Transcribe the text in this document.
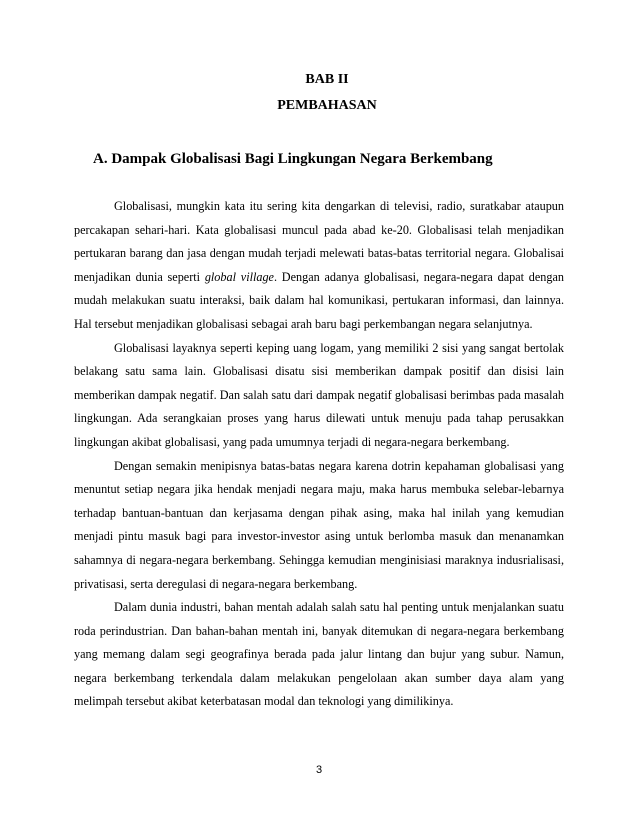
BAB II
PEMBAHASAN
A. Dampak Globalisasi Bagi Lingkungan Negara Berkembang

Globalisasi, mungkin kata itu sering kita dengarkan di televisi, radio, suratkabar ataupun percakapan sehari-hari. Kata globalisasi muncul pada abad ke-20. Globalisasi telah menjadikan pertukaran barang dan jasa dengan mudah terjadi melewati batas-batas territorial negara. Globalisai menjadikan dunia seperti global village. Dengan adanya globalisasi, negara-negara dapat dengan mudah melakukan suatu interaksi, baik dalam hal komunikasi, pertukaran informasi, dan lainnya. Hal tersebut menjadikan globalisasi sebagai arah baru bagi perkembangan negara selanjutnya.

Globalisasi layaknya seperti keping uang logam, yang memiliki 2 sisi yang sangat bertolak belakang satu sama lain. Globalisasi disatu sisi memberikan dampak positif dan disisi lain memberikan dampak negatif. Dan salah satu dari dampak negatif globalisasi berimbas pada masalah lingkungan. Ada serangkaian proses yang harus dilewati untuk menuju pada tahap perusakkan lingkungan akibat globalisasi, yang pada umumnya terjadi di negara-negara berkembang.

Dengan semakin menipisnya batas-batas negara karena dotrin kepahaman globalisasi yang menuntut setiap negara jika hendak menjadi negara maju, maka harus membuka selebar-lebarnya terhadap bantuan-bantuan dan kerjasama dengan pihak asing, maka hal inilah yang kemudian menjadi pintu masuk bagi para investor-investor asing untuk berlomba masuk dan menanamkan sahamnya di negara-negara berkembang. Sehingga kemudian menginisiasi maraknya indusrialisasi, privatisasi, serta deregulasi di negara-negara berkembang.

Dalam dunia industri, bahan mentah adalah salah satu hal penting untuk menjalankan suatu roda perindustrian. Dan bahan-bahan mentah ini, banyak ditemukan di negara-negara berkembang yang memang dalam segi geografinya berada pada jalur lintang dan bujur yang subur. Namun, negara berkembang terkendala dalam melakukan pengelolaan akan sumber daya alam yang melimpah tersebut akibat keterbatasan modal dan teknologi yang dimilikinya.

3
